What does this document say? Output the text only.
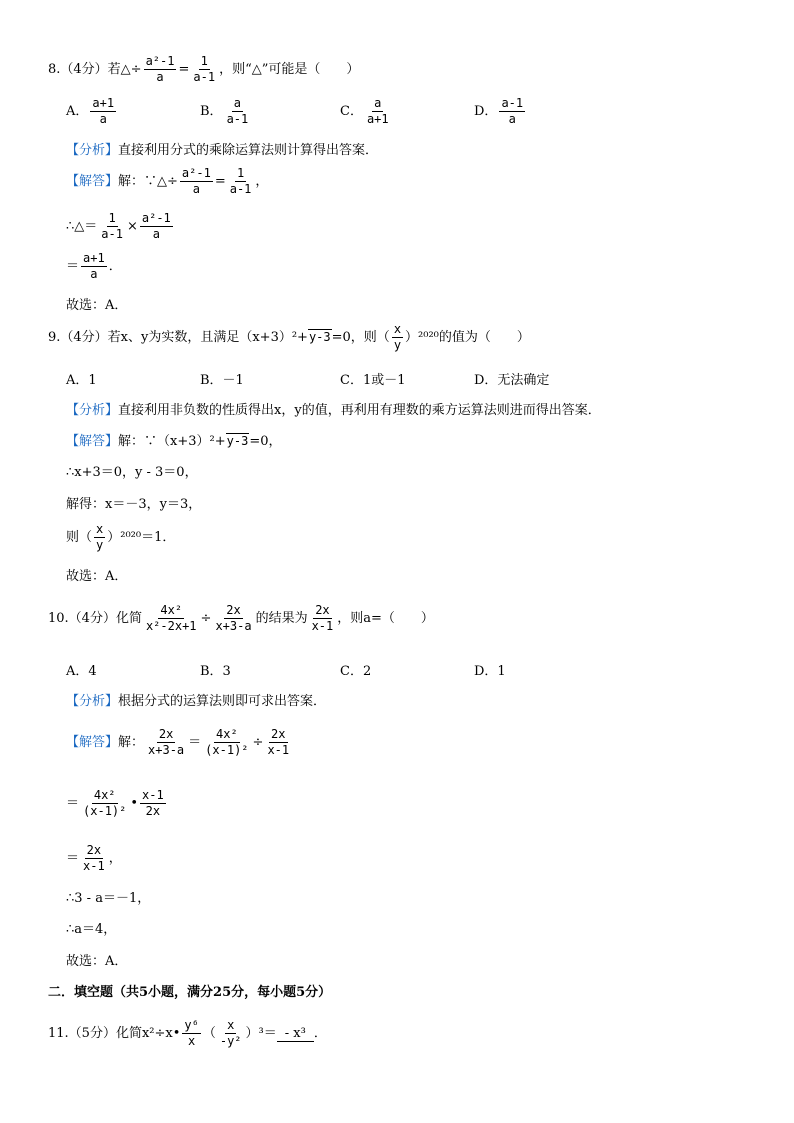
8.（4分）若△÷ $\frac{\text{a²-1}}{a} = \frac{1}{a-1}$ ，则“△”可能是（　　）
A． $\frac{a+1}{a}$	B． $\frac{a}{a-1}$	C． $\frac{a}{a+1}$	D． $\frac{a-1}{a}$
【分析】直接利用分式的乘除运算法则计算得出答案．
【解答】解：∵△÷ $\frac{\text{a²-1}}{a} = \frac{1}{a-1}$ ，
∴△＝ $\frac{1}{a-1} \times \frac{\text{a²-1}}{a}$
＝ $\frac{a+1}{a}$ ．
故选：A．
9.（4分）若x、y为实数，且满足（x+3）²+y-3=0，则（ $\frac{x}{y} )^{2020}$的值为（　　）
A．1	B．－1	C．1或－1	D．无法确定
【分析】直接利用非负数的性质得出x，y的值，再利用有理数的乘方运算法则进而得出答案．
【解答】解：∵（x+3）²+y-3=0，
∴x+3＝0，y - 3＝0，
解得：x＝－3，y＝3，
则（ $\frac{x}{y} )^{2020}=1$．
故选：A．
10.（4分）化简 $\frac{\text{4x²}}{\text{x²-2x+1}} \div \frac{2x}{x+3-a}$ 的结果为 $\frac{2x}{x-1}$ ，则a=（　　）
A．4	B．3	C．2	D．1
【分析】根据分式的运算法则即可求出答案．
【解答】解： $\frac{2x}{x+3-a} = \frac{\text{4x²}}{\text{(x-1)²}} \div \frac{2x}{x-1}$
＝ $\frac{\text{4x²}}{\text{(x-1)²}}$ • $\frac{x-1}{2x}$
＝ $\frac{2x}{x-1}$ ，
∴3 - a＝－1，
∴a＝4，
故选：A．
二．填空题（共5小题，满分25分，每小题5分）
11.（5分）化简x²÷x• $\frac{\text{y⁶}}{x}$ （ $\frac{x}{\text{-y²}} )^3= - x^3$ ．
